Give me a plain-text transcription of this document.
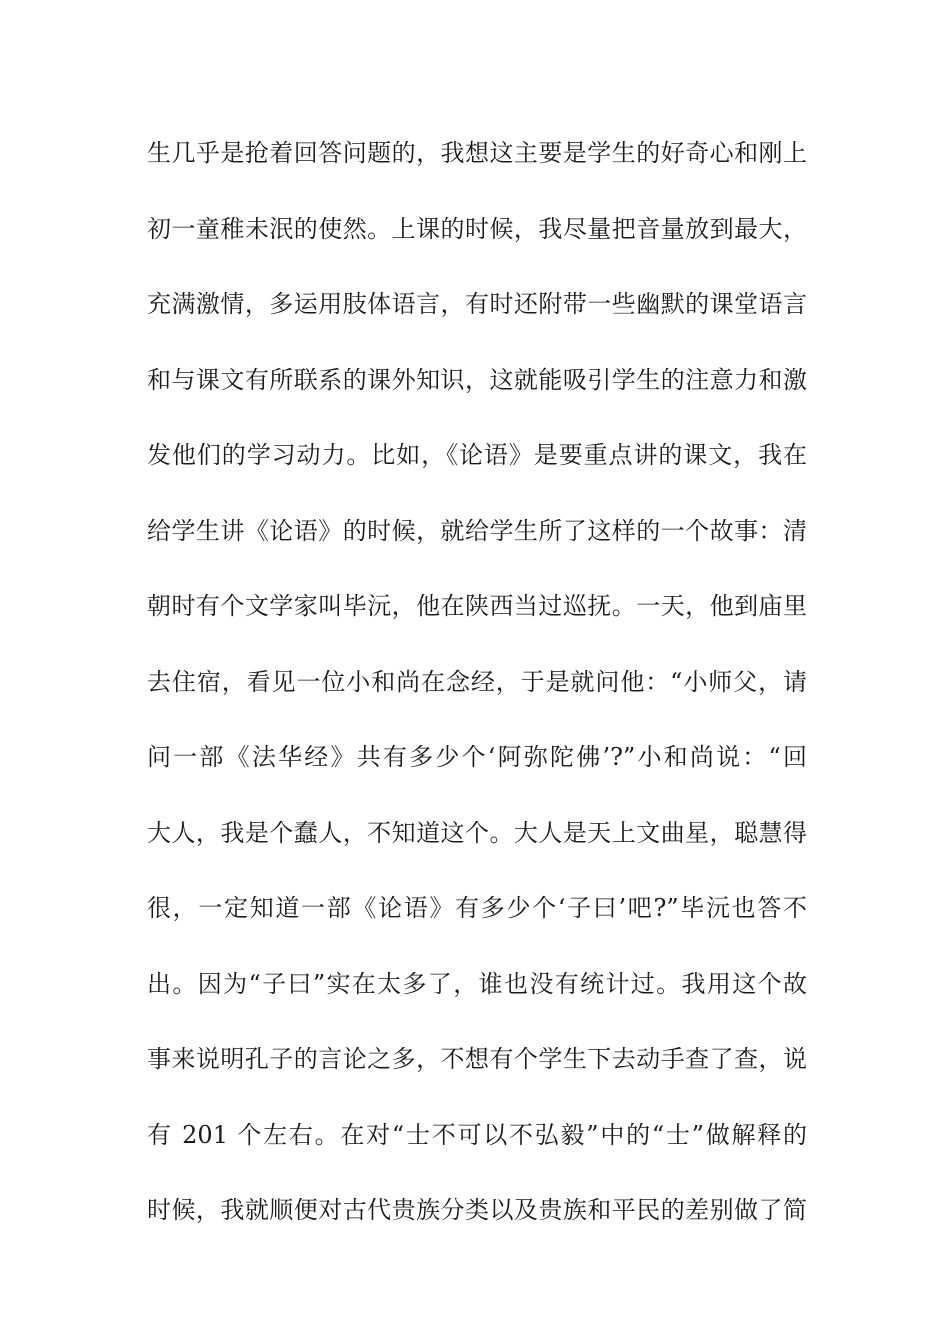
生几乎是抢着回答问题的，我想这主要是学生的好奇心和刚上
初一童稚未泯的使然。上课的时候，我尽量把音量放到最大，
充满激情，多运用肢体语言，有时还附带一些幽默的课堂语言
和与课文有所联系的课外知识，这就能吸引学生的注意力和激
发他们的学习动力。比如，《论语》是要重点讲的课文，我在
给学生讲《论语》的时候，就给学生所了这样的一个故事：清
朝时有个文学家叫毕沅，他在陕西当过巡抚。一天，他到庙里
去住宿，看见一位小和尚在念经，于是就问他：“小师父，请
问一部《法华经》共有多少个‘阿弥陀佛’?”小和尚说：“回
大人，我是个蠢人，不知道这个。大人是天上文曲星，聪慧得
很，一定知道一部《论语》有多少个‘子曰’吧?”毕沅也答不
出。因为“子曰”实在太多了，谁也没有统计过。我用这个故
事来说明孔子的言论之多，不想有个学生下去动手查了查，说
有 201 个左右。在对“士不可以不弘毅”中的“士”做解释的
时候，我就顺便对古代贵族分类以及贵族和平民的差别做了简
